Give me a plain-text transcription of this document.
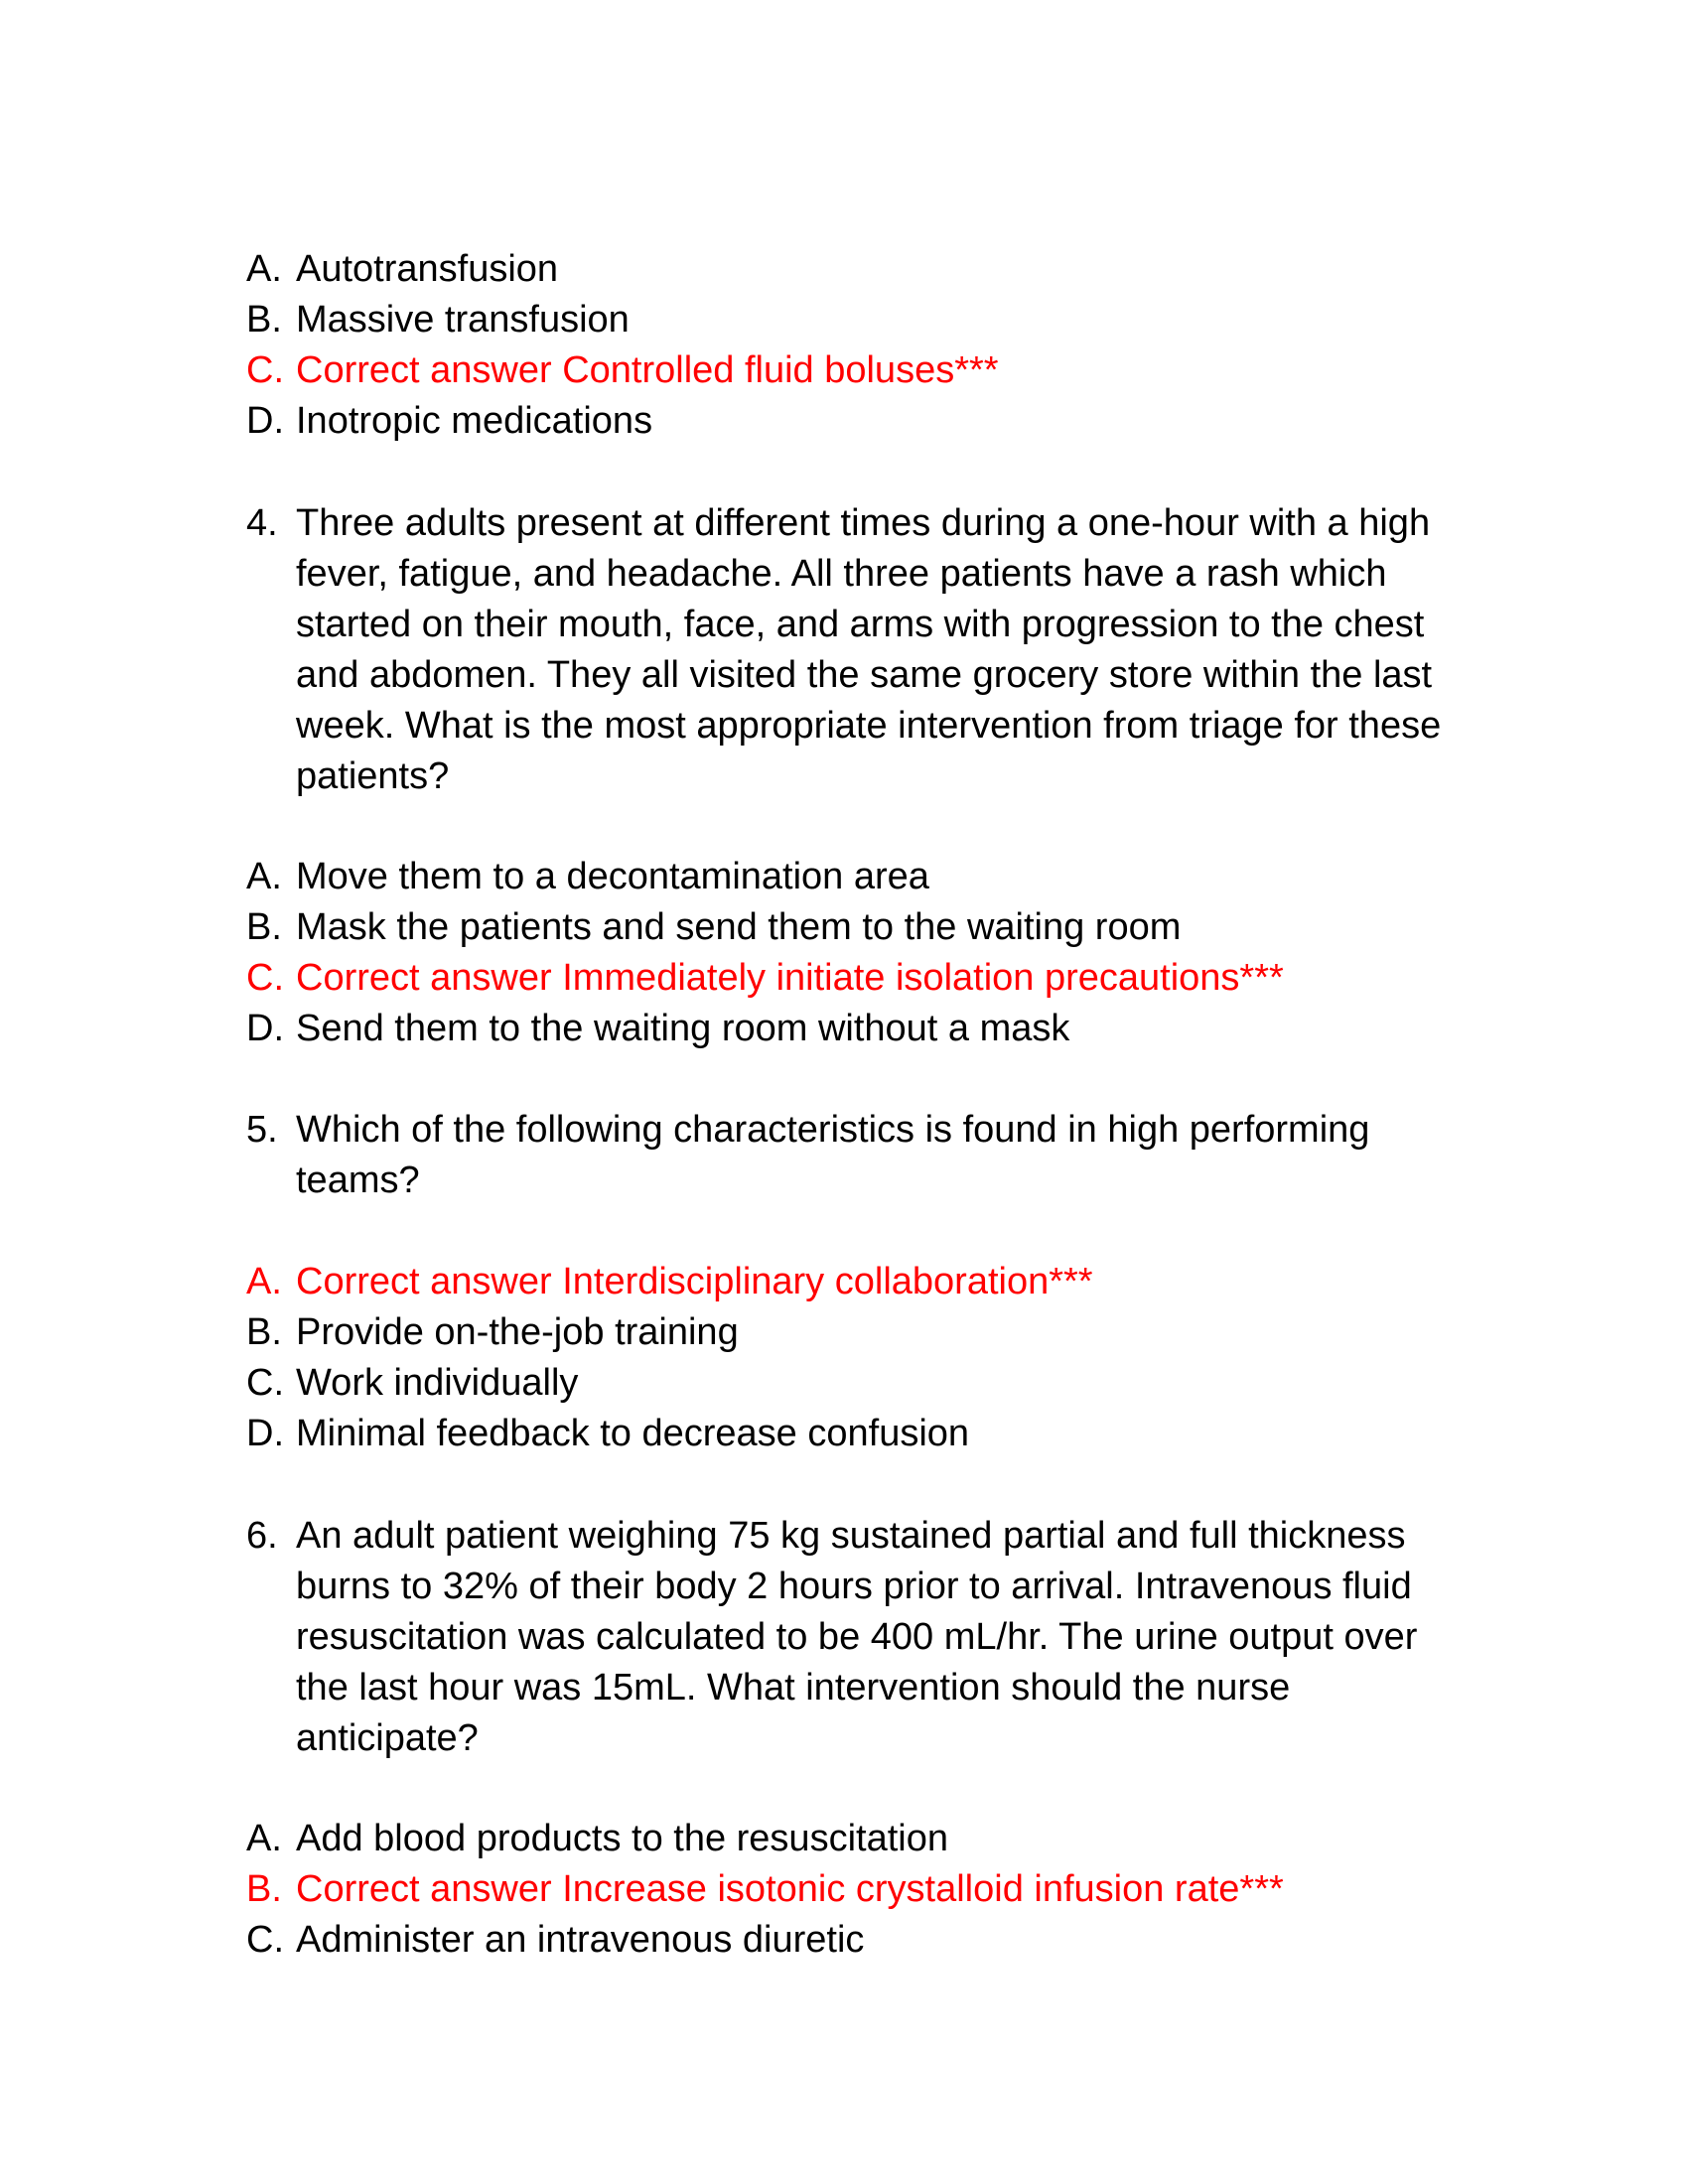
A. Autotransfusion
B. Massive transfusion
C. Correct answer Controlled fluid boluses***
D. Inotropic medications
4. Three adults present at different times during a one-hour with a high
fever, fatigue, and headache. All three patients have a rash which
started on their mouth, face, and arms with progression to the chest
and abdomen. They all visited the same grocery store within the last
week. What is the most appropriate intervention from triage for these
patients?
A. Move them to a decontamination area
B. Mask the patients and send them to the waiting room
C. Correct answer Immediately initiate isolation precautions***
D. Send them to the waiting room without a mask
5. Which of the following characteristics is found in high performing
teams?
A. Correct answer Interdisciplinary collaboration***
B. Provide on-the-job training
C. Work individually
D. Minimal feedback to decrease confusion
6. An adult patient weighing 75 kg sustained partial and full thickness
burns to 32% of their body 2 hours prior to arrival. Intravenous fluid
resuscitation was calculated to be 400 mL/hr. The urine output over
the last hour was 15mL. What intervention should the nurse
anticipate?
A. Add blood products to the resuscitation
B. Correct answer Increase isotonic crystalloid infusion rate***
C. Administer an intravenous diuretic
